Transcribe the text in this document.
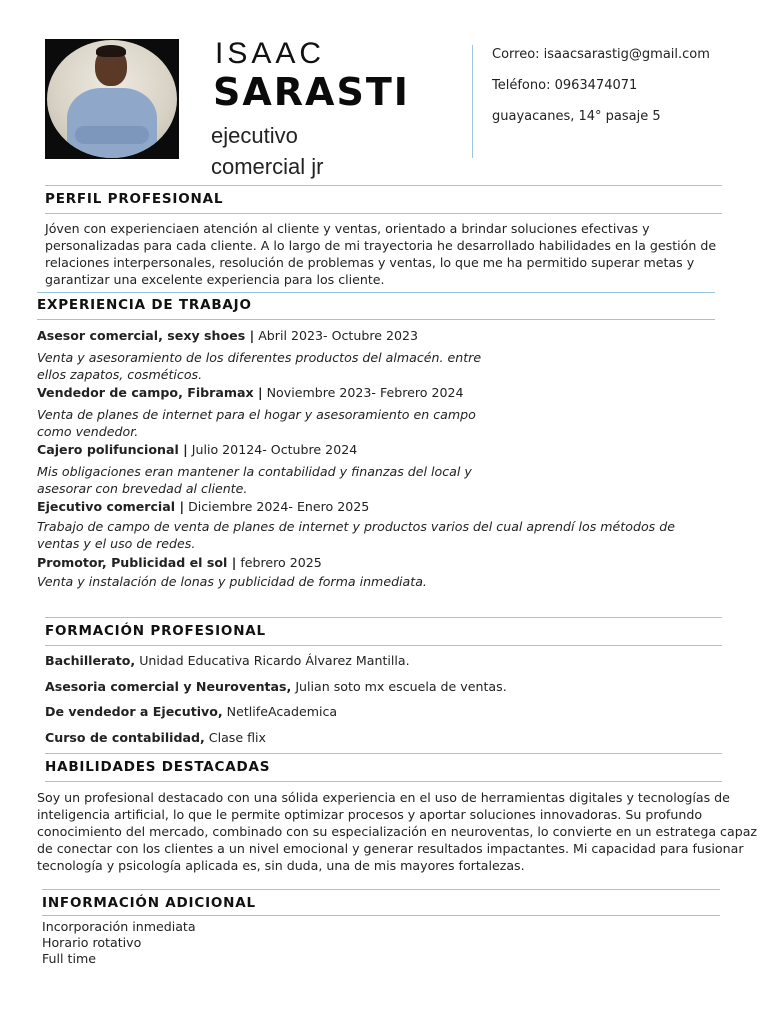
ISAAC
SARASTI
ejecutivo
comercial jr
Correo: isaacsarastig@gmail.com
Teléfono: 0963474071
guayacanes, 14° pasaje 5
PERFIL PROFESIONAL
Jóven con experienciaen atención al cliente y ventas, orientado a brindar soluciones efectivas y personalizadas para cada cliente. A lo largo de mi trayectoria he desarrollado habilidades en la gestión de relaciones interpersonales, resolución de problemas y ventas, lo que me ha permitido superar metas y garantizar una excelente experiencia para los cliente.
EXPERIENCIA DE TRABAJO
Asesor comercial, sexy shoes | Abril 2023- Octubre 2023
Venta y asesoramiento de los diferentes productos del almacén. entre ellos zapatos, cosméticos.
Vendedor de campo, Fibramax | Noviembre 2023- Febrero 2024
Venta de planes de internet para el hogar y asesoramiento en campo como vendedor.
Cajero polifuncional | Julio 20124- Octubre 2024
Mis obligaciones eran mantener la contabilidad y finanzas del local y asesorar con brevedad al cliente.
Ejecutivo comercial | Diciembre 2024- Enero 2025
Trabajo de campo de venta de planes de internet y productos varios del cual aprendí los métodos de ventas y el uso de redes.
Promotor, Publicidad el sol | febrero 2025
Venta y instalación de lonas y publicidad de forma inmediata.
FORMACIÓN PROFESIONAL
Bachillerato, Unidad Educativa Ricardo Álvarez Mantilla.
Asesoria comercial y Neuroventas, Julian soto mx escuela de ventas.
De vendedor a Ejecutivo, NetlifeAcademica
Curso de contabilidad, Clase flix
HABILIDADES DESTACADAS
Soy un profesional destacado con una sólida experiencia en el uso de herramientas digitales y tecnologías de inteligencia artificial, lo que le permite optimizar procesos y aportar soluciones innovadoras. Su profundo conocimiento del mercado, combinado con su especialización en neuroventas, lo convierte en un estratega capaz de conectar con los clientes a un nivel emocional y generar resultados impactantes. Mi capacidad para fusionar tecnología y psicología aplicada es, sin duda, una de mis mayores fortalezas.
INFORMACIÓN ADICIONAL
Incorporación inmediata
Horario rotativo
Full time
